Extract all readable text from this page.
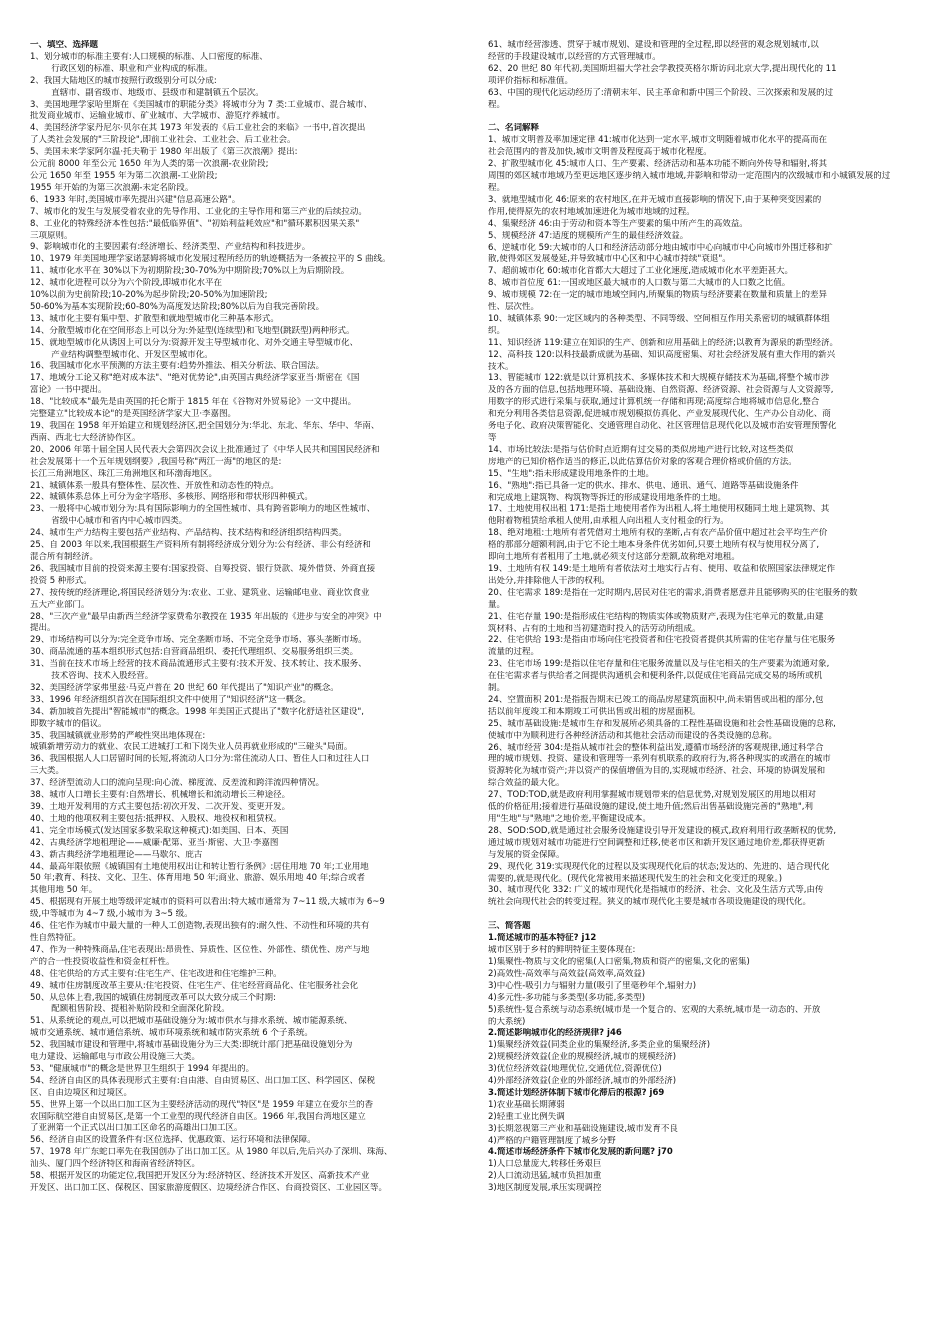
一、填空、选择题
1、划分城市的标准主要有:人口规模的标准、人口密度的标准、
行政区划的标准、职业和产业构成的标准。
2、我国大陆地区的城市按照行政级别分可以分成:
直辖市、副省级市、地级市、县级市和建制镇五个层次。
3、美国地理学家哈里斯在《美国城市的职能分类》将城市分为 7 类:工业城市、混合城市、
批发商业城市、运输业城市、矿业城市、大学城市、游览疗养城市。
4、美国经济学家丹尼尔·贝尔在其 1973 年发表的《后工业社会的来临》一书中,首次提出
了人类社会发展的"三阶段论",即前工业社会、工业社会、后工业社会。
5、美国未来学家阿尔温·托夫勒于 1980 年出版了《第三次浪潮》提出:
公元前 8000 年至公元 1650 年为人类的第一次浪潮-农业阶段;
公元 1650 年至 1955 年为第二次浪潮-工业阶段;
1955 年开始的为第三次浪潮-未定名阶段。
6、1933 年时,美国城市率先提出兴建"信息高速公路"。
7、城市化的发生与发展受着农业的先导作用、工业化的主导作用和第三产业的后续拉动。
8、工业化的特殊经济本性包括:"最低临界值"、"初始利益耗效应"和"循环累积因果关系"
三项原则。
9、影响城市化的主要因素有:经济增长、经济类型、产业结构和科技进步。
10、1979 年美国地理学家诺瑟姆将城市化发展过程所经历的轨迹概括为一条被拉平的 S 曲线。
11、城市化水平在 30%以下为初期阶段;30-70%为中期阶段;70%以上为后期阶段。
12、城市化进程可以分为六个阶段,即城市化水平在
10%以前为史前阶段;10-20%为起步阶段;20-50%为加速阶段;
50-60%为基本实现阶段;60-80%为高度发达阶段;80%以后为自我完善阶段。
13、城市化主要有集中型、扩散型和就地型城市化三种基本形式。
14、分散型城市化在空间形态上可以分为:外延型(连续型)和飞地型(跳跃型)两种形式。
15、就地型城市化从诱因上可以分为:资源开发主导型城市化、对外交通主导型城市化、
产业结构调整型城市化、开发区型城市化。
16、我国城市化水平预测的方法主要有:趋势外推法、相关分析法、联合国法。
17、地域分工论又称"绝对成本法"、"绝对优势论",由英国古典经济学家亚当·斯密在《国
富论》一书中提出。
18、"比较成本"最先是由英国的托仑斯于 1815 年在《谷物对外贸易论》一文中提出。
完整建立"比较成本论"的是英国经济学家大卫·李嘉图。
19、我国在 1958 年开始建立和规划经济区,把全国划分为:华北、东北、华东、华中、华南、
西南、西北七大经济协作区。
20、2006 年第十届全国人民代表大会第四次会议上批准通过了《中华人民共和国国民经济和
社会发展第十一个五年规划纲要》,我国号称"两江一海"的地区的是:
长江三角洲地区、珠江三角洲地区和环渤海地区。
21、城镇体系一般具有整体性、层次性、开放性和动态性的特点。
22、城镇体系总体上可分为金字塔形、多核形、网络形和带状形四种模式。
23、一般将中心城市划分为:具有国际影响力的全国性城市、具有跨省影响力的地区性城市、
省级中心城市和省内中心城市四类。
24、城市生产力结构主要包括产业结构、产品结构、技术结构和经济组织结构四类。
25、自 2003 年以来,我国根据生产资料所有制将经济成分划分为:公有经济、非公有经济和
混合所有制经济。
26、我国城市目前的投资来源主要有:国家投资、自筹投资、银行贷款、境外借贷、外商直接
投资 5 种形式。
27、按传统的经济理论,将国民经济划分为:农业、工业、建筑业、运输邮电业、商业饮食业
五大产业部门。
28、"三次产业"最早由新西兰经济学家费希尔教授在 1935 年出版的《进步与安全的冲突》中
提出。
29、市场结构可以分为:完全竞争市场、完全垄断市场、不完全竞争市场、寡头垄断市场。
30、商品流通的基本组织形式包括:自营商品组织、委托代理组织、交易服务组织三类。
31、当前在技术市场上经营的技术商品流通形式主要有:技术开发、技术转让、技术服务、
技术咨询、技术入股经营。
32、美国经济学家弗里兹·马克卢普在 20 世纪 60 年代提出了"知识产业"的概念。
33、1996 年经济组织首次在国际组织文件中使用了"知识经济"这一概念。
34、新加坡首先提出"智能城市"的概念。1998 年美国正式提出了"数字化舒适社区建设",
即数字城市的倡议。
35、我国城镇就业形势的严峻性突出地体现在:
城镇新增劳动力的就业、农民工进城打工和下岗失业人员再就业形成的"三碰头"局面。
36、我国根据人人口居留时间的长短,将流动人口分为:常住流动人口、暂住人口和过往人口
三大类。
37、经济型流动人口的流向呈现:向心流、梯度流、反差流和跨洋流四种情况。
38、城市人口增长主要有:自然增长、机械增长和流动增长三种途径。
39、土地开发利用的方式主要包括:初次开发、二次开发、变更开发。
40、土地的他项权利主要包括:抵押权、入股权、地役权和租赁权。
41、完全市场模式(发达国家多数采取这种模式):如美国、日本、英国
42、古典经济学地租理论——威廉·配第、亚当·斯密、大卫·李嘉图
43、新古典经济学地租理论——马歇尔、庇古
44、最高年限依照《城镇国有土地使用权出让和转让暂行条例》:居住用地 70 年;工业用地
50 年;教育、科技、文化、卫生、体育用地 50 年;商业、旅游、娱乐用地 40 年;综合或者
其他用地 50 年。
45、根据现有开展土地等级评定城市的资料可以看出:特大城市通常为 7~11 级,大城市为 6~9
级,中等城市为 4~7 级,小城市为 3~5 级。
46、住宅作为城市中最大量的一种人工创造物,表现出独有的:耐久性、不动性和环境的共有
性自然特征。
47、作为一种特殊商品,住宅表现出:昂贵性、异质性、区位性、外部性、绩优性、房产与地
产的合一性投资收益性和资金杠杆性。
48、住宅供给的方式主要有:住宅生产、住宅改进和住宅维护三种。
49、城市住房制度改革主要从:住宅投资、住宅生产、住宅经营商品化、住宅服务社会化
50、从总体上看,我国的城镇住房制度改革可以大致分成三个时期:
配额租售阶段、提租补贴阶段和全面深化阶段。
51、从系统论的观点,可以把城市基础设施分为:城市供水与排水系统、城市能源系统、
城市交通系统、城市通信系统、城市环境系统和城市防灾系统 6 个子系统。
52、我国城市建设和管理中,将城市基础设施分为三大类:即统计部门把基础设施划分为
电力建设、运输邮电与市政公用设施三大类。
53、"健康城市"的概念是世界卫生组织于 1994 年提出的。
54、经济自由区的具体表现形式主要有:自由港、自由贸易区、出口加工区、科学园区、保税
区、自由边境区和过境区。
55、世界上第一个以出口加工区为主要经济活动的现代"特区"是 1959 年建立在爱尔兰的香
农国际航空港自由贸易区,是第一个工业型的现代经济自由区。1966 年,我国台湾地区建立
了亚洲第一个正式以出口加工区命名的高雄出口加工区。
56、经济自由区的设置条件有:区位选择、优惠政策、运行环境和法律保障。
57、1978 年广东蛇口率先在我国创办了出口加工区。从 1980 年以后,先后兴办了深圳、珠海、
汕头、厦门四个经济特区和海南省经济特区。
58、根据开发区的功能定位,我国把开发区分为:经济特区、经济技术开发区、高新技术产业
开发区、出口加工区、保税区、国家旅游度假区、边境经济合作区、台商投资区、工业园区等。
61、城市经营渗透、贯穿于城市规划、建设和管理的全过程,即以经营的观念规划城市,以
经营的手段建设城市,以经营的方式管理城市。
62、20 世纪 80 年代初,美国斯坦福大学社会学教授英格尔斯访问北京大学,提出现代化的 11
项评价指标和标准值。
63、中国的现代化运动经历了:清朝末年、民主革命和新中国三个阶段、三次探索和发展的过
程。
二、名词解释
1、城市文明普及率加速定律 41:城市化达到一定水平,城市文明随着城市化水平的提高而在
社会范围内的普及加快,城市文明普及程度高于城市化程度。
2、扩散型城市化 45:城市人口、生产要素、经济活动和基本功能不断向外传导和辐射,将其
周围的郊区城市地域乃至更远地区逐步纳入城市地域,并影响和带动一定范围内的次级城市和小城镇发展的过
程。
3、就地型城市化 46:原来的农村地区,在并无城市直接影响的情况下,由于某种突变因素的
作用,使得原先的农村地域加速进化为城市地域的过程。
4、集聚经济 46:由于劳动和资本等生产要素的集中所产生的高效益。
5、规模经济 47:适度的规模所产生的最佳经济效益。
6、逆城市化 59:大城市的人口和经济活动部分地由城市中心向城市中心向城市外围迁移和扩
散,使得郊区发展曼延,并导致城市中心区和中心城市持续"衰退"。
7、超前城市化 60:城市化首都大大超过了工业化速度,造成城市化水平差距甚大。
8、城市首位度 61:一国或地区最大城市的人口数与第二大城市的人口数之比值。
9、城市规模 72:在一定的城市地域空间内,所聚集的物质与经济要素在数量和质量上的差异
性、层次性。
10、城镇体系 90:一定区域内的各种类型、不同等级、空间相互作用关系密切的城镇群体组
织。
11、知识经济 119:建立在知识的生产、创新和应用基础上的经济;以教育为源泉的新型经济。
12、高科技 120:以科技最新成就为基础、知识高度密集、对社会经济发展有重大作用的新兴
技术。
13、智能城市 122:就是以计算机技术、多媒体技术和大规模存储技术为基础,将整个城市涉
及的各方面的信息,包括地理环境、基础设施、自然资源、经济资源、社会资源与人文资源等,
用数字的形式进行采集与获取,通过计算机统一存储和再现;高度综合地将城市信息化,整合
和充分利用各类信息资源,促进城市规划模拟仿真化、产业发展现代化、生产办公自动化、商
务电子化、政府决策智能化、交通管理自动化、社区管理信息现代化以及城市治安管理预警化
等
14、市场比较法:是指与估价时点近期有过交易的类似房地产进行比较,对这些类似
房地产的已知价格作适当的修正,以此估算估价对象的客观合理价格或价值的方法。
15、"生地":指未形成建设用地条件的土地。
16、"熟地":指已具备一定的供水、排水、供电、通讯、通气、道路等基础设施条件
和完成地上建筑物、构筑物等拆迁的形成建设用地条件的土地。
17、土地使用权出租 171:是指土地使用者作为出租人,将土地使用权随同土地上建筑物、其
他附着物租赁给承租人使用,由承租人向出租人支付租金的行为。
18、绝对地租:土地所有者凭借对土地所有权的垄断,占有农产品价值中超过社会平均生产价
格的那部分超额利润,由于它不论土地本身条件优劣如何,只要土地所有权与使用权分离了,
即向土地所有者租用了土地,就必须支付这部分差额,故称绝对地租。
19、土地所有权 149:是土地所有者依法对土地实行占有、使用、收益和依照国家法律规定作
出处分,并排除他人干涉的权利。
20、住宅需求 189:是指在一定时期内,居民对住宅的需求,消费者愿意并且能够购买的住宅服务的数
量。
21、住宅存量 190:是指形成住宅结构的物质实体或物质财产,表现为住宅单元的数量,由建
筑材料、占有的土地和当初建造时投入的活劳动所组成。
22、住宅供给 193:是指由市场向住宅投资者和住宅投资者提供其所需的住宅存量与住宅服务
流量的过程。
23、住宅市场 199:是指以住宅存量和住宅服务流量以及与住宅相关的生产要素为流通对象,
在住宅需求者与供给者之间提供沟通机会和便利条件,以促成住宅商品完成交易的场所或机
制。
24、空置面积 201:是指报告期末已竣工的商品房屋建筑面积中,尚未销售或出租的部分,包
括以前年度竣工和本期竣工可供出售或出租的房屋面积。
25、城市基础设施:是城市生存和发展所必须具备的工程性基础设施和社会性基础设施的总称,
使城市中为顺利进行各种经济活动和其他社会活动而建设的各类设施的总称。
26、城市经营 304:是指从城市社会的整体利益出发,遵循市场经济的客观规律,通过科学合
理的城市规划、投资、建设和管理等一系列有机联系的政府行为,将各种现实的或潜在的城市
资源转化为城市资产;并以资产的保值增值为目的,实现城市经济、社会、环境的协调发展和
综合效益的最大化。
27、TOD:TOD,就是政府利用掌握城市规划带来的信息优势,对规划发展区的用地以相对
低的价格征用;接着进行基础设施的建设,使土地升值;然后出售基础设施完善的"熟地",利
用"生地"与"熟地"之地价差,平衡建设成本。
28、SOD:SOD,就是通过社会服务设施建设引导开发建设的模式,政府利用行政垄断权的优势,
通过城市规划对城市功能进行空间调整和迁移,使老市区和新开发区通过地价差,都获得更新
与发展的资金保障。
29、现代化 319:实现现代化的过程以及实现现代化后的状态;发达的、先进的、适合现代化
需要的,就是现代化。(现代化常被用来描述现代发生的社会和文化变迁的现象。)
30、城市现代化 332: 广义的城市现代化是指城市的经济、社会、文化及生活方式等,由传
统社会向现代社会的转变过程。狭义的城市现代化主要是城市各项设施建设的现代化。
三、简答题
1.简述城市的基本特征? j12
城市区别于乡村的鲜明特征主要体现在:
1)集聚性-物质与文化的密集(人口密集,物质和资产的密集,文化的密集)
2)高效性-高效率与高效益(高效率,高效益)
3)中心性-吸引力与辐射力量(吸引了里毫秒年个,辐射力)
4)多元性-多功能与多类型(多功能,多类型)
5)系统性-复合系统与动态系统(城市是一个复合的、宏观的大系统,城市是一动态的、开放
的大系统)
2.简述影响城市化的经济规律? j46
1)集聚经济效益(同类企业的集聚经济,多类企业的集聚经济)
2)规模经济效益(企业的规模经济,城市的规模经济)
3)优位经济效益(地理优位,交通优位,资源优位)
4)外部经济效益(企业的外部经济,城市的外部经济)
3.简述计划经济体制下城市化滞后的根源? j69
1)农业基础长期薄弱
2)轻重工业比例失调
3)长期忽视第三产业和基础设施建设,城市发育不良
4)严格的户籍管理制度了城乡分野
4.简述市场经济条件下城市化发展的新问题? j70
1)人口总量庞大,转移任务艰巨
2)人口流动迅猛,城市负担加重
3)地区制度发展,承压实现调控
